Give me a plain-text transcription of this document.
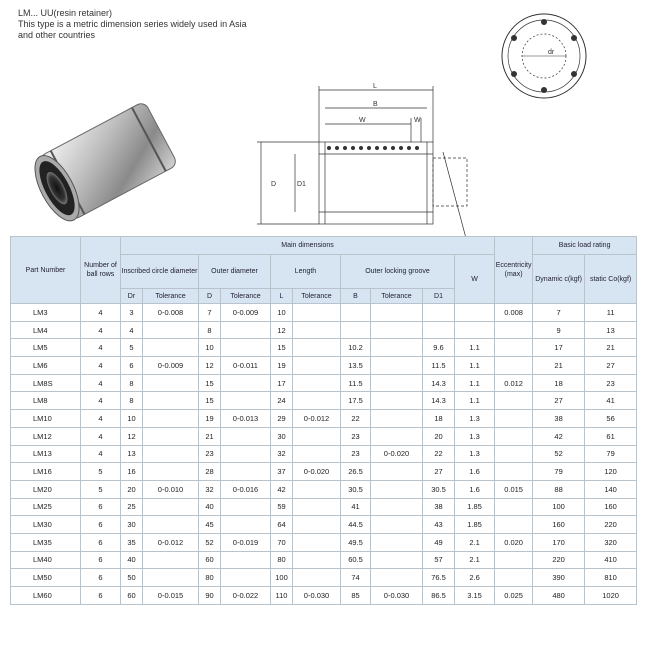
LM... UU(resin retainer)
This type is a metric dimension series widely used in Asia
and other countries
L
B
W	W
D	D1
dr
Part Number	Number of ball rows	Main dimensions										Eccentricity (max)	Basic load rating	
		Inscribed circle diameter		Outer diameter		Length		Outer locking groove			W		Dynamic c(kgf)	static Co(kgf)
		Dr	Tolerance	D	Tolerance	L	Tolerance	B	Tolerance	D1				
LM3	4	3	0-0.008	7	0-0.009	10						0.008	7	11
LM4	4	4		8		12							9	13
LM5	4	5		10		15		10.2		9.6	1.1		17	21
LM6	4	6	0-0.009	12	0-0.011	19		13.5		11.5	1.1		21	27
LM8S	4	8		15		17		11.5		14.3	1.1	0.012	18	23
LM8	4	8		15		24		17.5		14.3	1.1		27	41
LM10	4	10		19	0-0.013	29	0-0.012	22		18	1.3		38	56
LM12	4	12		21		30		23		20	1.3		42	61
LM13	4	13		23		32		23	0-0.020	22	1.3		52	79
LM16	5	16		28		37	0-0.020	26.5		27	1.6		79	120
LM20	5	20	0-0.010	32	0-0.016	42		30.5		30.5	1.6	0.015	88	140
LM25	6	25		40		59		41		38	1.85		100	160
LM30	6	30		45		64		44.5		43	1.85		160	220
LM35	6	35	0-0.012	52	0-0.019	70		49.5		49	2.1	0.020	170	320
LM40	6	40		60		80		60.5		57	2.1		220	410
LM50	6	50		80		100		74		76.5	2.6		390	810
LM60	6	60	0-0.015	90	0-0.022	110	0-0.030	85	0-0.030	86.5	3.15	0.025	480	1020
